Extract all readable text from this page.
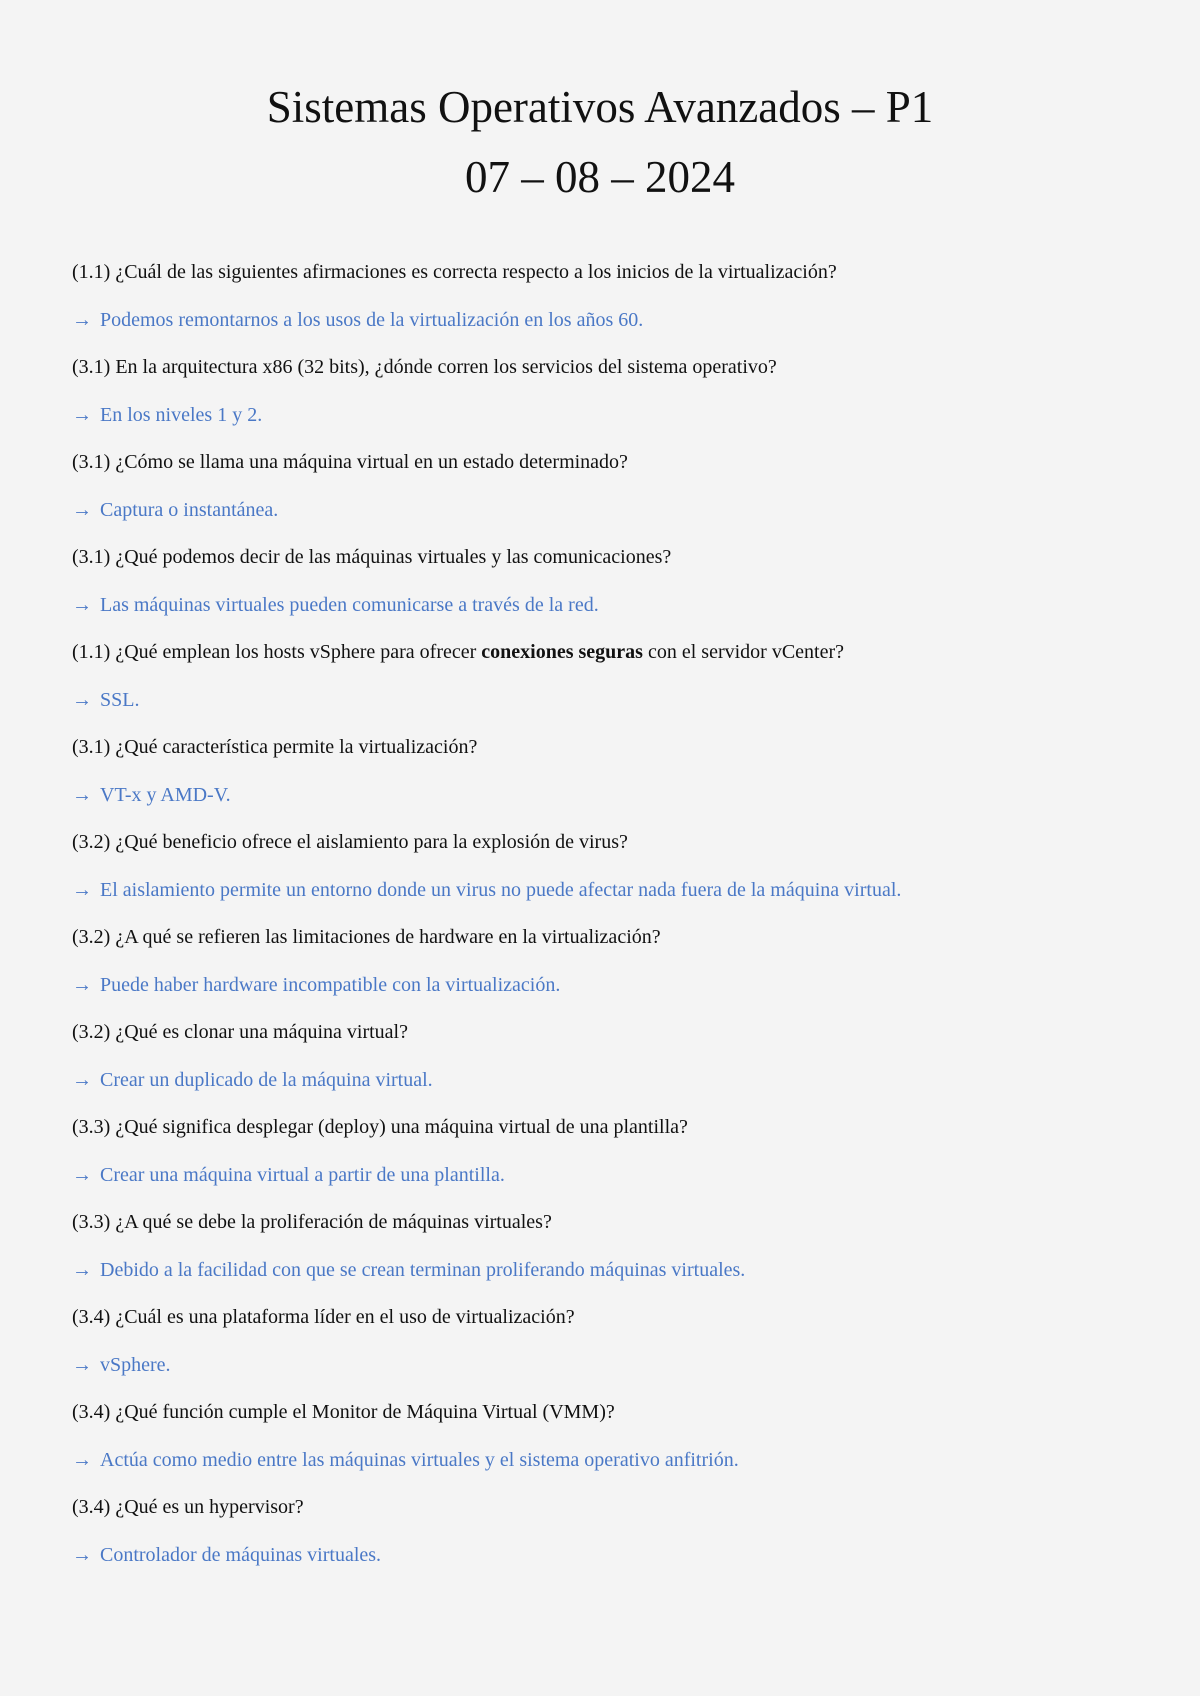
Sistemas Operativos Avanzados – P1
07 – 08 – 2024
(1.1) ¿Cuál de las siguientes afirmaciones es correcta respecto a los inicios de la virtualización?
→ Podemos remontarnos a los usos de la virtualización en los años 60.
(3.1) En la arquitectura x86 (32 bits), ¿dónde corren los servicios del sistema operativo?
→ En los niveles 1 y 2.
(3.1) ¿Cómo se llama una máquina virtual en un estado determinado?
→ Captura o instantánea.
(3.1) ¿Qué podemos decir de las máquinas virtuales y las comunicaciones?
→ Las máquinas virtuales pueden comunicarse a través de la red.
(1.1) ¿Qué emplean los hosts vSphere para ofrecer conexiones seguras con el servidor vCenter?
→ SSL.
(3.1) ¿Qué característica permite la virtualización?
→ VT-x y AMD-V.
(3.2) ¿Qué beneficio ofrece el aislamiento para la explosión de virus?
→ El aislamiento permite un entorno donde un virus no puede afectar nada fuera de la máquina virtual.
(3.2) ¿A qué se refieren las limitaciones de hardware en la virtualización?
→ Puede haber hardware incompatible con la virtualización.
(3.2) ¿Qué es clonar una máquina virtual?
→ Crear un duplicado de la máquina virtual.
(3.3) ¿Qué significa desplegar (deploy) una máquina virtual de una plantilla?
→ Crear una máquina virtual a partir de una plantilla.
(3.3) ¿A qué se debe la proliferación de máquinas virtuales?
→ Debido a la facilidad con que se crean terminan proliferando máquinas virtuales.
(3.4) ¿Cuál es una plataforma líder en el uso de virtualización?
→ vSphere.
(3.4) ¿Qué función cumple el Monitor de Máquina Virtual (VMM)?
→ Actúa como medio entre las máquinas virtuales y el sistema operativo anfitrión.
(3.4) ¿Qué es un hypervisor?
→ Controlador de máquinas virtuales.
